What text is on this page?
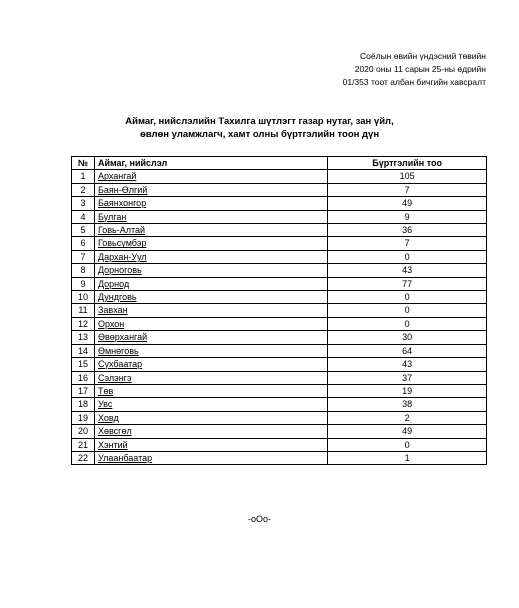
Соёлын өвийн үндэсний төвийн
2020 оны 11 сарын 25-ны өдрийн
01/353 тоот албан бичгийн хавсралт
Аймаг, нийслэлийн Тахилга шүтлэгт газар нутаг, зан үйл,
өвлөн уламжлагч, хамт олны бүртгэлийн тоон дүн
№	Аймаг, нийслэл	Бүртгэлийн тоо
1	Архангай	105
2	Баян-Өлгий	7
3	Баянхонгор	49
4	Булган	9
5	Говь-Алтай	36
6	Говьсүмбэр	7
7	Дархан-Уул	0
8	Дорноговь	43
9	Дорнод	77
10	Дундговь	0
11	Завхан	0
12	Орхон	0
13	Өвөрхангай	30
14	Өмнөговь	64
15	Сүхбаатар	43
16	Сэлэнгэ	37
17	Төв	19
18	Увс	38
19	Ховд	2
20	Хөвсгөл	49
21	Хэнтий	0
22	Улаанбаатар	1
-oOo-
